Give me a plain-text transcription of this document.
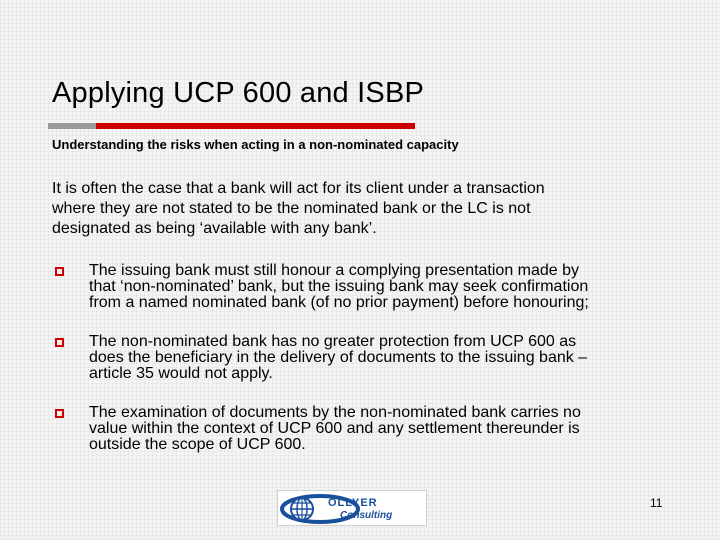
Applying UCP 600 and ISBP
Understanding the risks when acting in a non-nominated capacity
It is often the case that a bank will act for its client under a transaction
where they are not stated to be the nominated bank or the LC is not
designated as being ‘available with any bank’.
The issuing bank must still honour a complying presentation made by
that ‘non-nominated’ bank, but the issuing bank may seek confirmation
from a named nominated bank (of no prior payment) before honouring;
The non-nominated bank has no greater protection from UCP 600 as
does the beneficiary in the delivery of documents to the issuing bank –
article 35 would not apply.
The examination of documents by the non-nominated bank carries no
value within the context of UCP 600 and any settlement thereunder is
outside the scope of UCP 600.
OLLYER
Consulting
11
